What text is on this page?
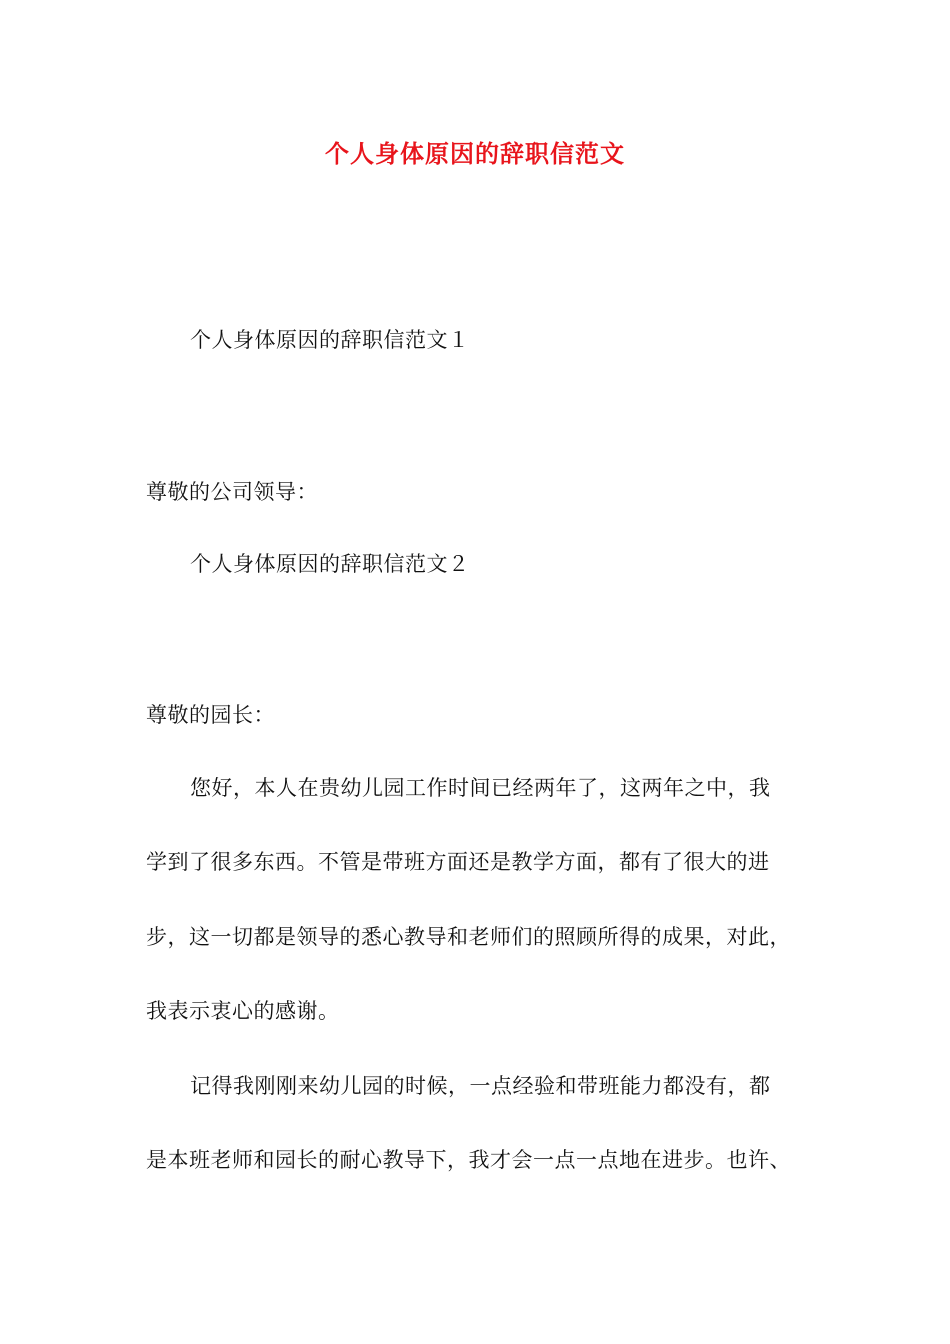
个人身体原因的辞职信范文
个人身体原因的辞职信范文１
尊敬的公司领导：
个人身体原因的辞职信范文２
尊敬的园长：
您好，本人在贵幼儿园工作时间已经两年了，这两年之中，我
学到了很多东西。不管是带班方面还是教学方面，都有了很大的进
步，这一切都是领导的悉心教导和老师们的照顾所得的成果，对此，
我表示衷心的感谢。
记得我刚刚来幼儿园的时候，一点经验和带班能力都没有，都
是本班老师和园长的耐心教导下，我才会一点一点地在进步。也许、
